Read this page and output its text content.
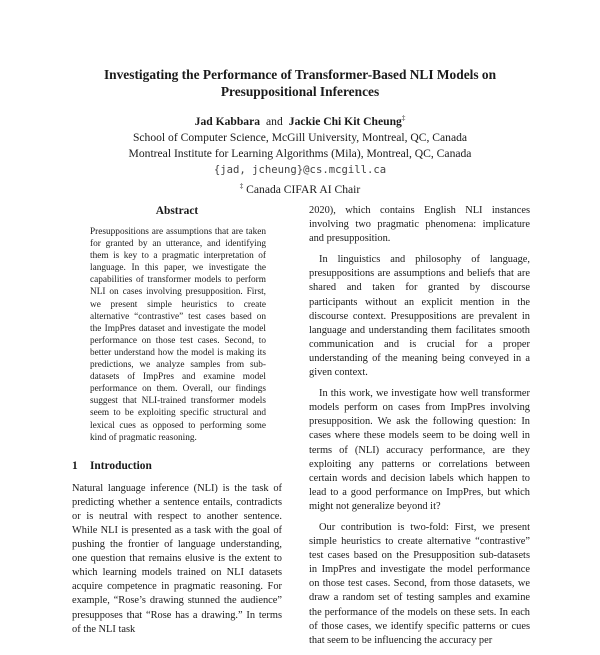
Investigating the Performance of Transformer-Based NLI Models on
Presuppositional Inferences
Jad Kabbara and Jackie Chi Kit Cheung‡
School of Computer Science, McGill University, Montreal, QC, Canada
Montreal Institute for Learning Algorithms (Mila), Montreal, QC, Canada
{jad, jcheung}@cs.mcgill.ca
‡ Canada CIFAR AI Chair
Abstract

Presuppositions are assumptions that are taken for granted by an utterance, and identifying them is key to a pragmatic interpretation of language. In this paper, we investigate the capabilities of transformer models to perform NLI on cases involving presupposition. First, we present simple heuristics to create alternative “contrastive” test cases based on the ImpPres dataset and investigate the model performance on those test cases. Second, to better understand how the model is making its predictions, we analyze samples from sub-datasets of ImpPres and examine model performance on them. Overall, our findings suggest that NLI-trained transformer models seem to be exploiting specific structural and lexical cues as opposed to performing some kind of pragmatic reasoning.

1 Introduction

Natural language inference (NLI) is the task of predicting whether a sentence entails, contradicts or is neutral with respect to another sentence. While NLI is presented as a task with the goal of pushing the frontier of language understanding, one question that remains elusive is the extent to which learning models trained on NLI datasets acquire competence in pragmatic reasoning. For example, “Rose’s drawing stunned the audience” presupposes that “Rose has a drawing.” In terms of the NLI task

2020), which contains English NLI instances involving two pragmatic phenomena: implicature and presupposition.

In linguistics and philosophy of language, presuppositions are assumptions and beliefs that are shared and taken for granted by discourse participants without an explicit mention in the discourse context. Presuppositions are prevalent in language and understanding them facilitates smooth communication and is crucial for a proper understanding of the meaning being conveyed in a given context.

In this work, we investigate how well transformer models perform on cases from ImpPres involving presupposition. We ask the following question: In cases where these models seem to be doing well in terms of (NLI) accuracy performance, are they exploiting any patterns or correlations between certain words and decision labels which happen to lead to a good performance on ImpPres, but which might not generalize beyond it?

Our contribution is two-fold: First, we present simple heuristics to create alternative “contrastive” test cases based on the Presupposition sub-datasets in ImpPres and investigate the model performance on those test cases. Second, from those datasets, we draw a random set of testing samples and examine the performance of the models on these sets. In each of those cases, we identify specific patterns or cues that seem to be influencing the accuracy per
